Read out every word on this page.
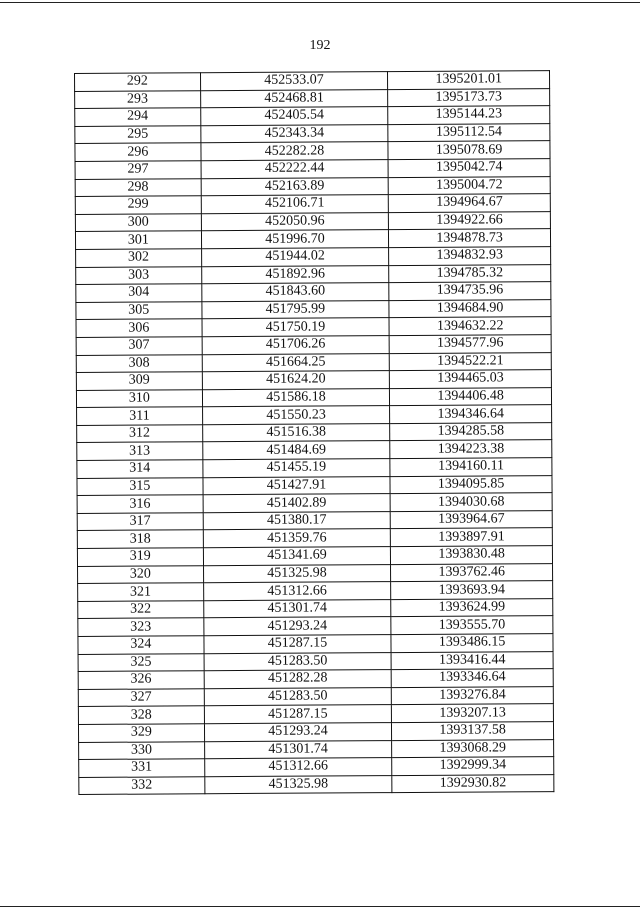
192
292	452533.07	1395201.01
293	452468.81	1395173.73
294	452405.54	1395144.23
295	452343.34	1395112.54
296	452282.28	1395078.69
297	452222.44	1395042.74
298	452163.89	1395004.72
299	452106.71	1394964.67
300	452050.96	1394922.66
301	451996.70	1394878.73
302	451944.02	1394832.93
303	451892.96	1394785.32
304	451843.60	1394735.96
305	451795.99	1394684.90
306	451750.19	1394632.22
307	451706.26	1394577.96
308	451664.25	1394522.21
309	451624.20	1394465.03
310	451586.18	1394406.48
311	451550.23	1394346.64
312	451516.38	1394285.58
313	451484.69	1394223.38
314	451455.19	1394160.11
315	451427.91	1394095.85
316	451402.89	1394030.68
317	451380.17	1393964.67
318	451359.76	1393897.91
319	451341.69	1393830.48
320	451325.98	1393762.46
321	451312.66	1393693.94
322	451301.74	1393624.99
323	451293.24	1393555.70
324	451287.15	1393486.15
325	451283.50	1393416.44
326	451282.28	1393346.64
327	451283.50	1393276.84
328	451287.15	1393207.13
329	451293.24	1393137.58
330	451301.74	1393068.29
331	451312.66	1392999.34
332	451325.98	1392930.82
